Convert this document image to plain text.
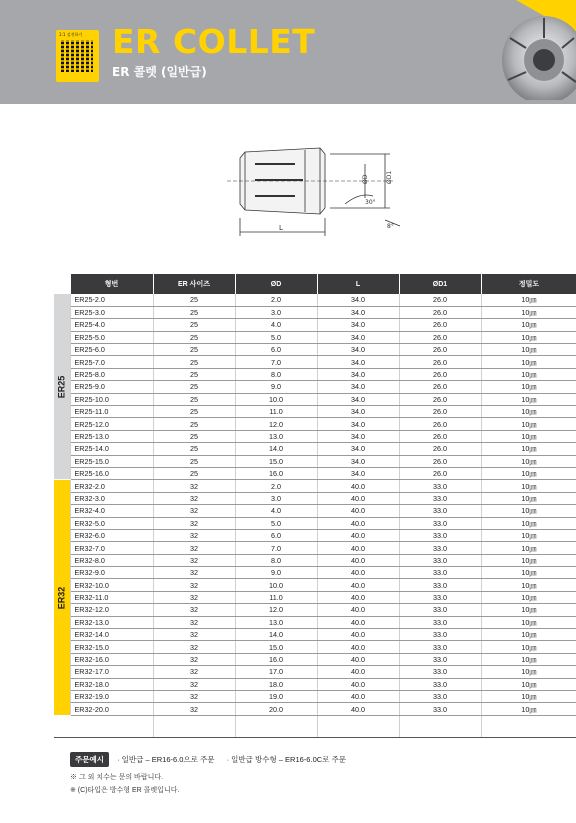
1:1 실전하기 ER COLLET
ER 콜렛 (일반급)
L
ØD	ØD1
30°
8°
	형번	ER 사이즈	ØD	L	ØD1	정밀도

ER25	ER25-2.0	25	2.0	34.0	26.0	10㎛
	ER25-3.0	25	3.0	34.0	26.0	10㎛
	ER25-4.0	25	4.0	34.0	26.0	10㎛
	ER25-5.0	25	5.0	34.0	26.0	10㎛
	ER25-6.0	25	6.0	34.0	26.0	10㎛
	ER25-7.0	25	7.0	34.0	26.0	10㎛
	ER25-8.0	25	8.0	34.0	26.0	10㎛
	ER25-9.0	25	9.0	34.0	26.0	10㎛
	ER25-10.0	25	10.0	34.0	26.0	10㎛
	ER25-11.0	25	11.0	34.0	26.0	10㎛
	ER25-12.0	25	12.0	34.0	26.0	10㎛
	ER25-13.0	25	13.0	34.0	26.0	10㎛
	ER25-14.0	25	14.0	34.0	26.0	10㎛
	ER25-15.0	25	15.0	34.0	26.0	10㎛
	ER25-16.0	25	16.0	34.0	26.0	10㎛

ER32	ER32-2.0	32	2.0	40.0	33.0	10㎛
	ER32-3.0	32	3.0	40.0	33.0	10㎛
	ER32-4.0	32	4.0	40.0	33.0	10㎛
	ER32-5.0	32	5.0	40.0	33.0	10㎛
	ER32-6.0	32	6.0	40.0	33.0	10㎛
	ER32-7.0	32	7.0	40.0	33.0	10㎛
	ER32-8.0	32	8.0	40.0	33.0	10㎛
	ER32-9.0	32	9.0	40.0	33.0	10㎛
	ER32-10.0	32	10.0	40.0	33.0	10㎛
	ER32-11.0	32	11.0	40.0	33.0	10㎛
	ER32-12.0	32	12.0	40.0	33.0	10㎛
	ER32-13.0	32	13.0	40.0	33.0	10㎛
	ER32-14.0	32	14.0	40.0	33.0	10㎛
	ER32-15.0	32	15.0	40.0	33.0	10㎛
	ER32-16.0	32	16.0	40.0	33.0	10㎛
	ER32-17.0	32	17.0	40.0	33.0	10㎛
	ER32-18.0	32	18.0	40.0	33.0	10㎛
	ER32-19.0	32	19.0	40.0	33.0	10㎛
	ER32-20.0	32	20.0	40.0	33.0	10㎛

주문예시 · 일반급 – ER16-6.0으로 주문 · 일반급 방수형 – ER16-6.0C로 주문
※ 그 외 치수는 문의 바랍니다.
※ (C)타입은 방수형 ER 콜렛입니다.
